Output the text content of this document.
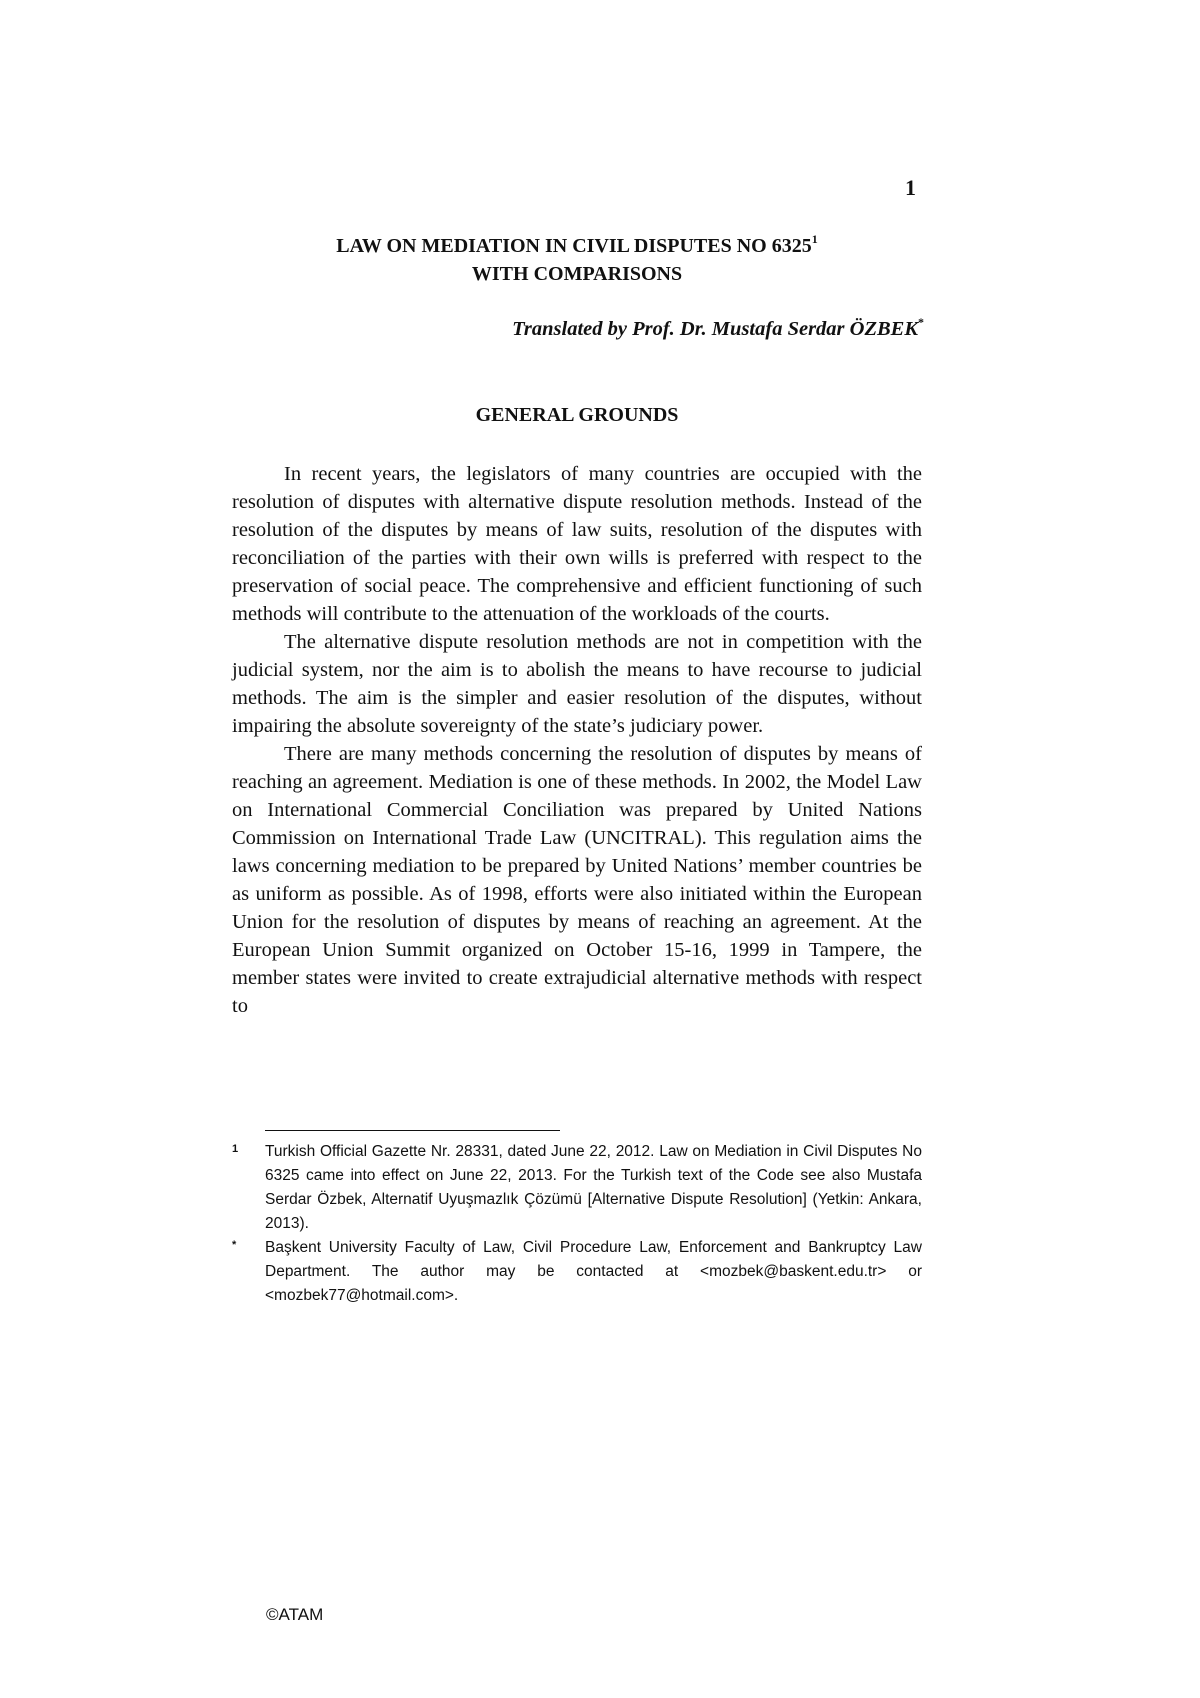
1

LAW ON MEDIATION IN CIVIL DISPUTES NO 6325$^1$
WITH COMPARISONS
Translated by Prof. Dr. Mustafa Serdar ÖZBEK*
GENERAL GROUNDS

In recent years, the legislators of many countries are occupied with the resolution of disputes with alternative dispute resolution methods. Instead of the resolution of the disputes by means of law suits, resolution of the disputes with reconciliation of the parties with their own wills is preferred with respect to the preservation of social peace. The comprehensive and efficient functioning of such methods will contribute to the attenuation of the workloads of the courts.

The alternative dispute resolution methods are not in competition with the judicial system, nor the aim is to abolish the means to have recourse to judicial methods. The aim is the simpler and easier resolution of the disputes, without impairing the absolute sovereignty of the state’s judiciary power.

There are many methods concerning the resolution of disputes by means of reaching an agreement. Mediation is one of these methods. In 2002, the Model Law on International Commercial Conciliation was prepared by United Nations Commission on International Trade Law (UNCITRAL). This regulation aims the laws concerning mediation to be prepared by United Nations’ member countries be as uniform as possible. As of 1998, efforts were also initiated within the European Union for the resolution of disputes by means of reaching an agreement. At the European Union Summit organized on October 15-16, 1999 in Tampere, the member states were invited to create extrajudicial alternative methods with respect to

1 Turkish Official Gazette Nr. 28331, dated June 22, 2012. Law on Mediation in Civil Disputes No 6325 came into effect on June 22, 2013. For the Turkish text of the Code see also Mustafa Serdar Özbek, Alternatif Uyuşmazlık Çözümü [Alternative Dispute Resolution] (Yetkin: Ankara, 2013).
* Başkent University Faculty of Law, Civil Procedure Law, Enforcement and Bankruptcy Law Department. The author may be contacted at <mozbek@baskent.edu.tr> or <mozbek77@hotmail.com>.

©ATAM
